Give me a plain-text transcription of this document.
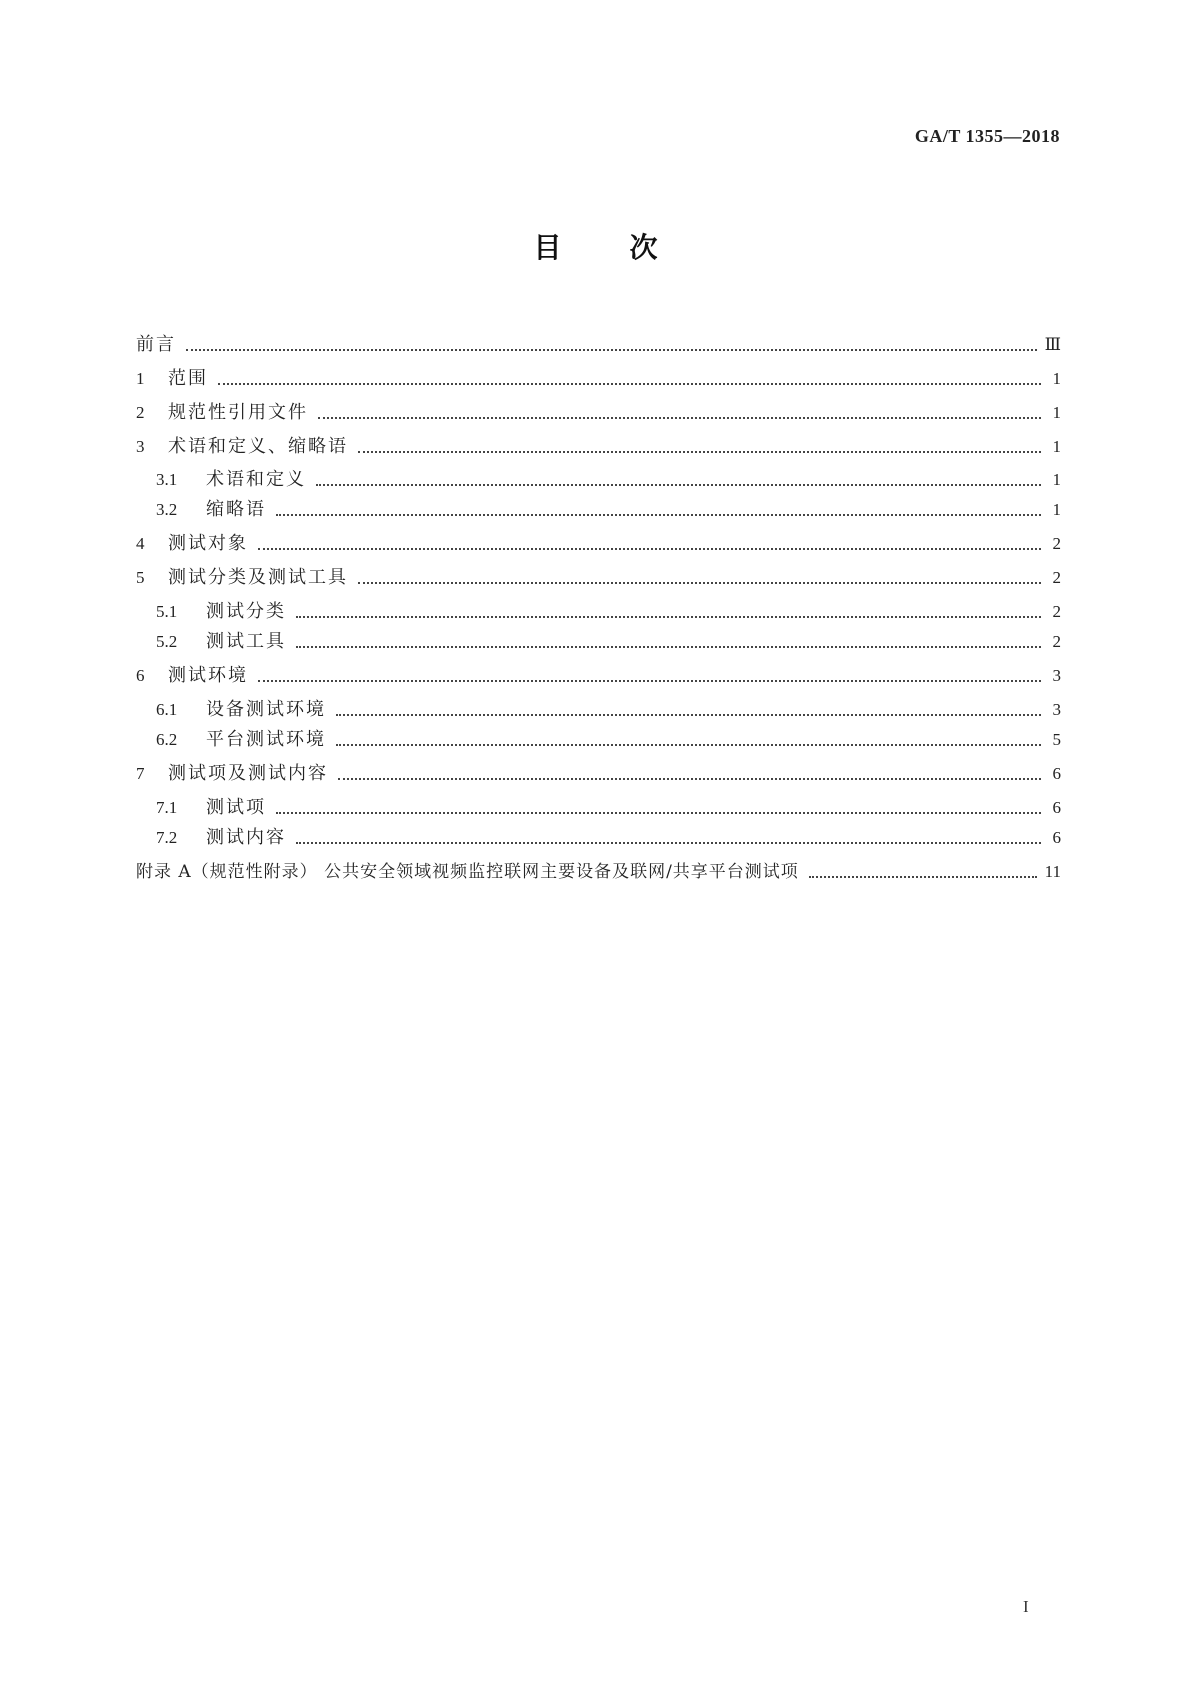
GA/T 1355—2018
目 次
前言	Ⅲ
1	范围	1
2	规范性引用文件	1
3	术语和定义、缩略语	1
3.1	术语和定义	1
3.2	缩略语	1
4	测试对象	2
5	测试分类及测试工具	2
5.1	测试分类	2
5.2	测试工具	2
6	测试环境	3
6.1	设备测试环境	3
6.2	平台测试环境	5
7	测试项及测试内容	6
7.1	测试项	6
7.2	测试内容	6
附录 A（规范性附录） 公共安全领域视频监控联网主要设备及联网/共享平台测试项	11
I
